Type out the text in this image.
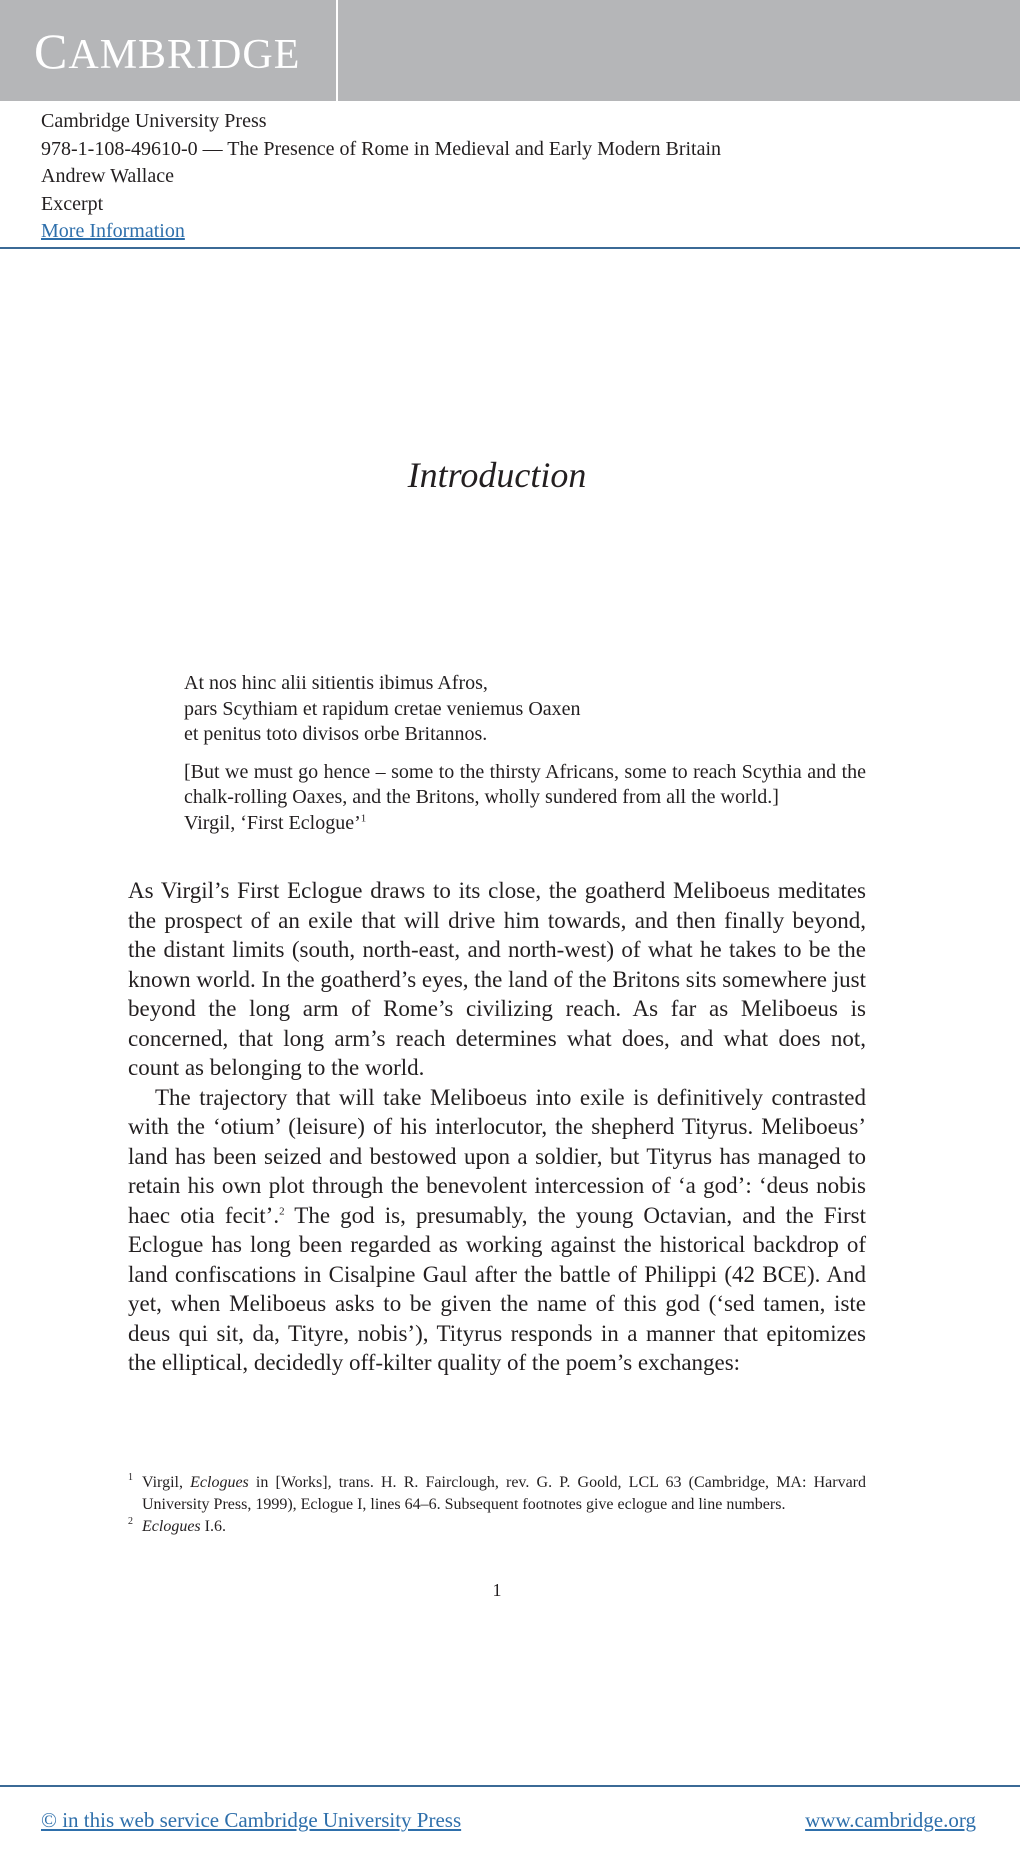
CAMBRIDGE
Cambridge University Press
978-1-108-49610-0 — The Presence of Rome in Medieval and Early Modern Britain
Andrew Wallace
Excerpt
More Information
Introduction

At nos hinc alii sitientis ibimus Afros,

pars Scythiam et rapidum cretae veniemus Oaxen

et penitus toto divisos orbe Britannos.

[But we must go hence – some to the thirsty Africans, some to reach Scythia and the chalk-rolling Oaxes, and the Britons, wholly sundered from all the world.]

Virgil, ‘First Eclogue’$^1$

As Virgil’s First Eclogue draws to its close, the goatherd Meliboeus meditates the prospect of an exile that will drive him towards, and then finally beyond, the distant limits (south, north-east, and north-west) of what he takes to be the known world. In the goatherd’s eyes, the land of the Britons sits somewhere just beyond the long arm of Rome’s civilizing reach. As far as Meliboeus is concerned, that long arm’s reach determines what does, and what does not, count as belonging to the world.

The trajectory that will take Meliboeus into exile is definitively contrasted with the ‘otium’ (leisure) of his interlocutor, the shepherd Tityrus. Meliboeus’ land has been seized and bestowed upon a soldier, but Tityrus has managed to retain his own plot through the benevolent intercession of ‘a god’: ‘deus nobis haec otia fecit’.$^2$ The god is, presumably, the young Octavian, and the First Eclogue has long been regarded as working against the historical backdrop of land confiscations in Cisalpine Gaul after the battle of Philippi (42 BCE). And yet, when Meliboeus asks to be given the name of this god (‘sed tamen, iste deus qui sit, da, Tityre, nobis’), Tityrus responds in a manner that epitomizes the elliptical, decidedly off-kilter quality of the poem’s exchanges:

1 Virgil, Eclogues in [Works], trans. H. R. Fairclough, rev. G. P. Goold, LCL 63 (Cambridge, MA: Harvard University Press, 1999), Eclogue I, lines 64–6. Subsequent footnotes give eclogue and line numbers.
2 Eclogues I.6.
1
© in this web service Cambridge University Press	www.cambridge.org
